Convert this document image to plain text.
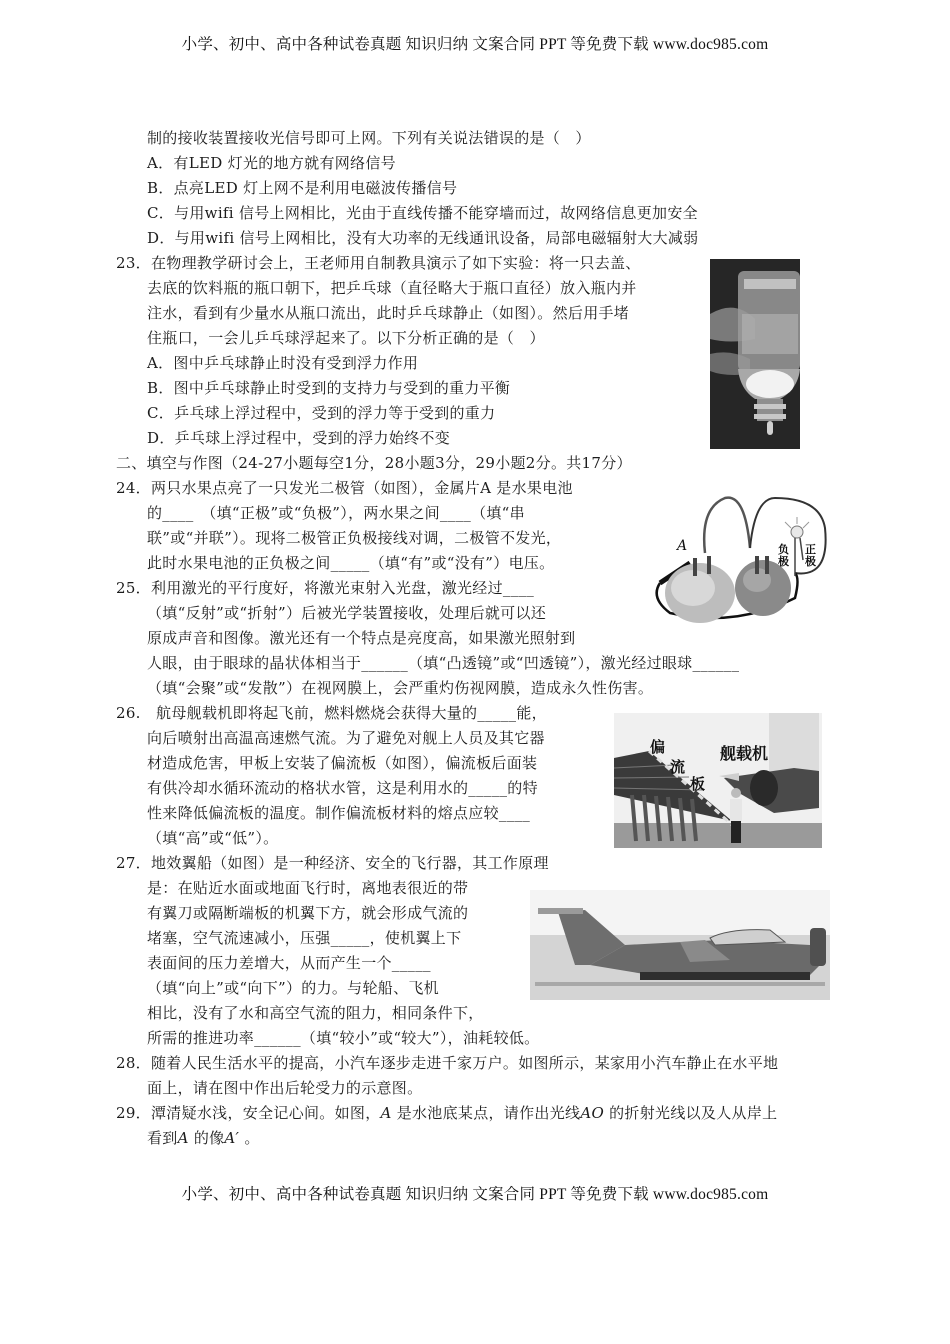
小学、初中、高中各种试卷真题 知识归纳 文案合同 PPT 等免费下载 www.doc985.com
制的接收装置接收光信号即可上网。下列有关说法错误的是（　）
A．有LED 灯光的地方就有网络信号
B．点亮LED 灯上网不是利用电磁波传播信号
C．与用wifi 信号上网相比，光由于直线传播不能穿墙而过，故网络信息更加安全
D．与用wifi 信号上网相比，没有大功率的无线通讯设备，局部电磁辐射大大减弱
23．在物理教学研讨会上，王老师用自制教具演示了如下实验：将一只去盖、
去底的饮料瓶的瓶口朝下，把乒乓球（直径略大于瓶口直径）放入瓶内并
注水，看到有少量水从瓶口流出，此时乒乓球静止（如图）。然后用手堵
住瓶口，一会儿乒乓球浮起来了。以下分析正确的是（　）
A．图中乒乓球静止时没有受到浮力作用
B．图中乒乓球静止时受到的支持力与受到的重力平衡
C．乒乓球上浮过程中，受到的浮力等于受到的重力
D．乒乓球上浮过程中，受到的浮力始终不变
二、填空与作图（24-27小题每空1分，28小题3分，29小题2分。共17分）
24．两只水果点亮了一只发光二极管（如图），金属片A 是水果电池
的____　（填“正极”或“负极”），两水果之间____（填“串
联”或“并联”）。现将二极管正负极接线对调，二极管不发光，
此时水果电池的正负极之间_____（填“有”或“没有”）电压。
A	负极
正极
25．利用激光的平行度好，将激光束射入光盘，激光经过____
（填“反射”或“折射”）后被光学装置接收，处理后就可以还
原成声音和图像。激光还有一个特点是亮度高，如果激光照射到
人眼，由于眼球的晶状体相当于______（填“凸透镜”或“凹透镜”），激光经过眼球______
（填“会聚”或“发散”）在视网膜上，会严重灼伤视网膜，造成永久性伤害。
26.　航母舰载机即将起飞前，燃料燃烧会获得大量的_____能，
向后喷射出高温高速燃气流。为了避免对舰上人员及其它器
材造成危害，甲板上安装了偏流板（如图），偏流板后面装
有供冷却水循环流动的格状水管，这是利用水的_____的特
性来降低偏流板的温度。制作偏流板材料的熔点应较____
（填“高”或“低”）。
偏
流
板
舰载机
27．地效翼船（如图）是一种经济、安全的飞行器，其工作原理
是：在贴近水面或地面飞行时，离地表很近的带
有翼刀或隔断端板的机翼下方，就会形成气流的
堵塞，空气流速减小，压强_____，使机翼上下
表面间的压力差增大，从而产生一个_____
（填“向上”或“向下”）的力。与轮船、飞机
相比，没有了水和高空气流的阻力，相同条件下，
所需的推进功率______（填“较小”或“较大”），油耗较低。
28．随着人民生活水平的提高，小汽车逐步走进千家万户。如图所示，某家用小汽车静止在水平地
面上，请在图中作出后轮受力的示意图。
29．潭清疑水浅，安全记心间。如图，A 是水池底某点，请作出光线AO 的折射光线以及人从岸上
看到A 的像A′ 。
小学、初中、高中各种试卷真题 知识归纳 文案合同 PPT 等免费下载 www.doc985.com
